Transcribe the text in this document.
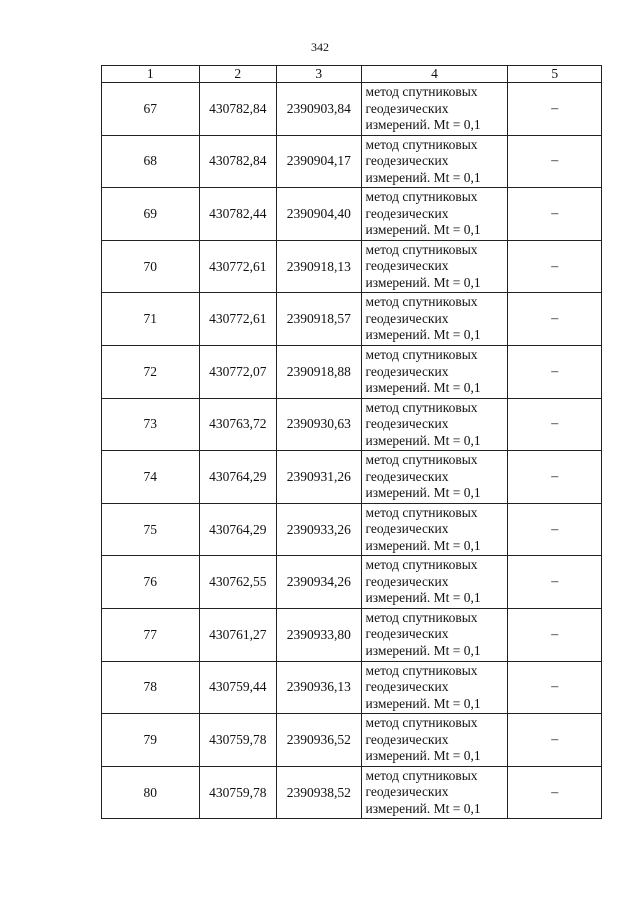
342
1	2	3	4	5
67	430782,84	2390903,84	метод спутниковых
геодезических
измерений. Mt = 0,1	–
68	430782,84	2390904,17	метод спутниковых
геодезических
измерений. Mt = 0,1	–
69	430782,44	2390904,40	метод спутниковых
геодезических
измерений. Mt = 0,1	–
70	430772,61	2390918,13	метод спутниковых
геодезических
измерений. Mt = 0,1	–
71	430772,61	2390918,57	метод спутниковых
геодезических
измерений. Mt = 0,1	–
72	430772,07	2390918,88	метод спутниковых
геодезических
измерений. Mt = 0,1	–
73	430763,72	2390930,63	метод спутниковых
геодезических
измерений. Mt = 0,1	–
74	430764,29	2390931,26	метод спутниковых
геодезических
измерений. Mt = 0,1	–
75	430764,29	2390933,26	метод спутниковых
геодезических
измерений. Mt = 0,1	–
76	430762,55	2390934,26	метод спутниковых
геодезических
измерений. Mt = 0,1	–
77	430761,27	2390933,80	метод спутниковых
геодезических
измерений. Mt = 0,1	–
78	430759,44	2390936,13	метод спутниковых
геодезических
измерений. Mt = 0,1	–
79	430759,78	2390936,52	метод спутниковых
геодезических
измерений. Mt = 0,1	–
80	430759,78	2390938,52	метод спутниковых
геодезических
измерений. Mt = 0,1	–
